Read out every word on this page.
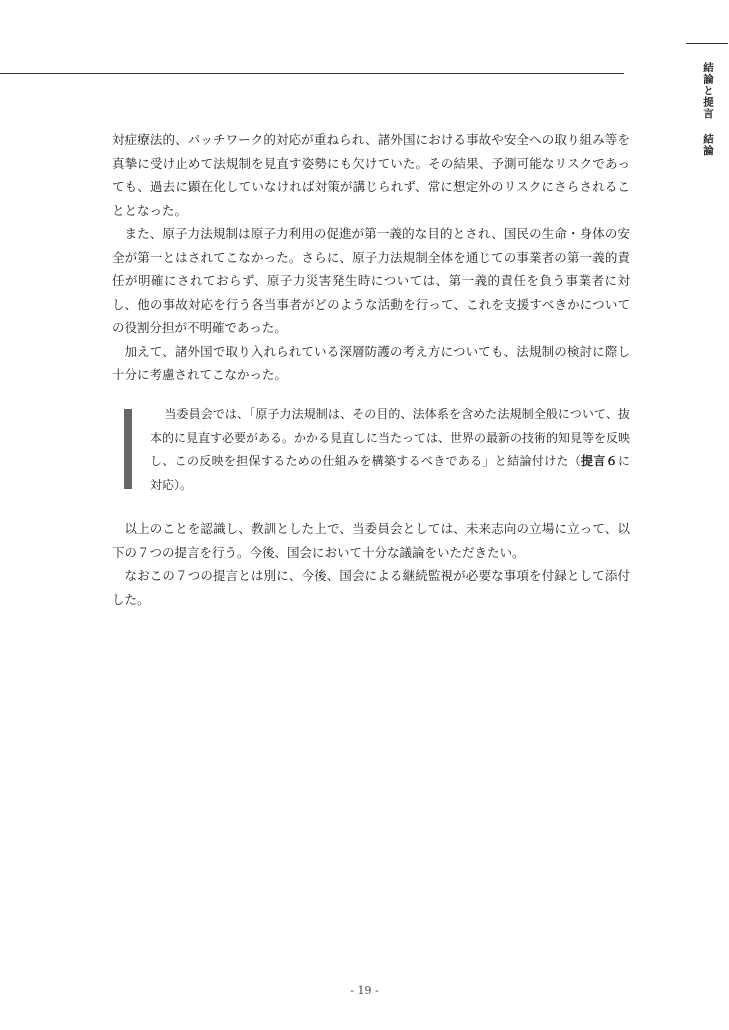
結論と提言結論

対症療法的、パッチワーク的対応が重ねられ、諸外国における事故や安全への取り組み等を真摯に受け止めて法規制を見直す姿勢にも欠けていた。その結果、予測可能なリスクであっても、過去に顕在化していなければ対策が講じられず、常に想定外のリスクにさらされることとなった。

また、原子力法規制は原子力利用の促進が第一義的な目的とされ、国民の生命・身体の安全が第一とはされてこなかった。さらに、原子力法規制全体を通じての事業者の第一義的責任が明確にされておらず、原子力災害発生時については、第一義的責任を負う事業者に対し、他の事故対応を行う各当事者がどのような活動を行って、これを支援すべきかについての役割分担が不明確であった。

加えて、諸外国で取り入れられている深層防護の考え方についても、法規制の検討に際し十分に考慮されてこなかった。

当委員会では、「原子力法規制は、その目的、法体系を含めた法規制全般について、抜本的に見直す必要がある。かかる見直しに当たっては、世界の最新の技術的知見等を反映し、この反映を担保するための仕組みを構築するべきである」と結論付けた（提言６に対応）。

以上のことを認識し、教訓とした上で、当委員会としては、未来志向の立場に立って、以下の７つの提言を行う。今後、国会において十分な議論をいただきたい。

なおこの７つの提言とは別に、今後、国会による継続監視が必要な事項を付録として添付した。

- 19 -
